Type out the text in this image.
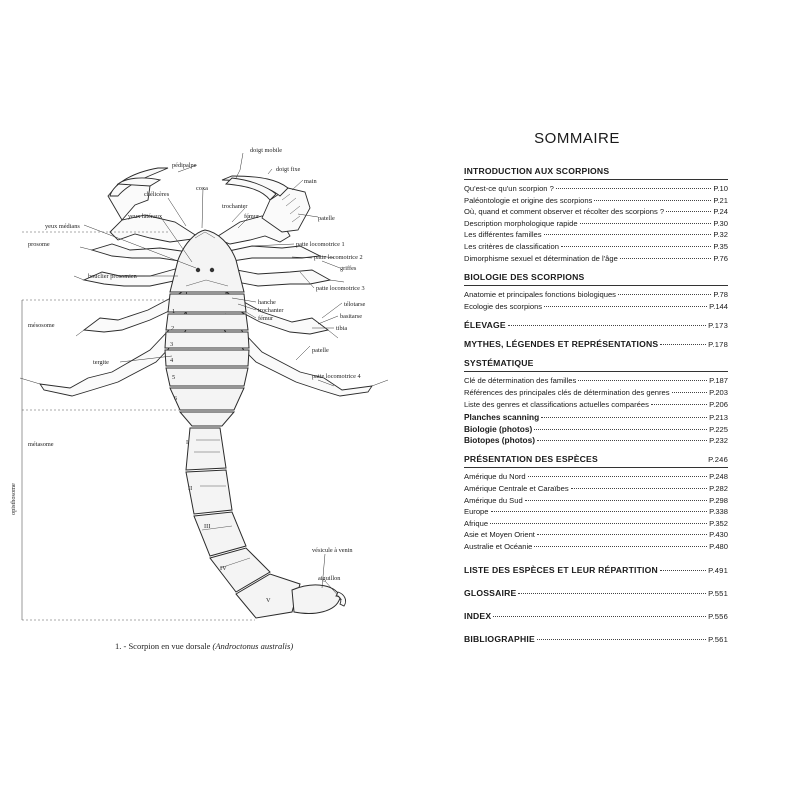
doigt mobile
pédipalpe
doigt fixe
main
chélicères
coxa
trochanter
fémur	patelle
yeux latéraux
yeux médians
prosome	patte locomotrice 1
patte locomotrice 2
griffes
bouclier prosomien
patte locomotrice 3
hanche
trochanter
fémur
télotarse
basitarse
tibia
mésosome
tergite
patelle
patte locomotrice 4
métasome
opisthosome
vésicule à venin
aiguillon
1
2
3
4
5
6
I
II
III
IV
V
1. - Scorpion en vue dorsale (Androctonus australis)
SOMMAIRE
INTRODUCTION AUX SCORPIONS
Qu'est-ce qu'un scorpion ?	P.10
Paléontologie et origine des scorpions	P.21
Où, quand et comment observer et récolter des scorpions ?	P.24
Description morphologique rapide	P.30
Les différentes familles	P.32
Les critères de classification	P.35
Dimorphisme sexuel et détermination de l'âge	P.76
BIOLOGIE DES SCORPIONS
Anatomie et principales fonctions biologiques	P.78
Ecologie des scorpions	P.144
ÉLEVAGE	P.173
MYTHES, LÉGENDES ET REPRÉSENTATIONS	P.178
SYSTÉMATIQUE
Clé de détermination des familles	P.187
Références des principales clés de détermination des genres	P.203
Liste des genres et classifications actuelles comparées	P.206
Planches scanning	P.213
Biologie (photos)	P.225
Biotopes (photos)	P.232
PRÉSENTATION DES ESPÈCES	P.246
Amérique du Nord	P.248
Amérique Centrale et Caraïbes	P.282
Amérique du Sud	P.298
Europe	P.338
Afrique	P.352
Asie et Moyen Orient	P.430
Australie et Océanie	P.480
LISTE DES ESPÈCES ET LEUR RÉPARTITION	P.491
GLOSSAIRE	P.551
INDEX	P.556
BIBLIOGRAPHIE	P.561
